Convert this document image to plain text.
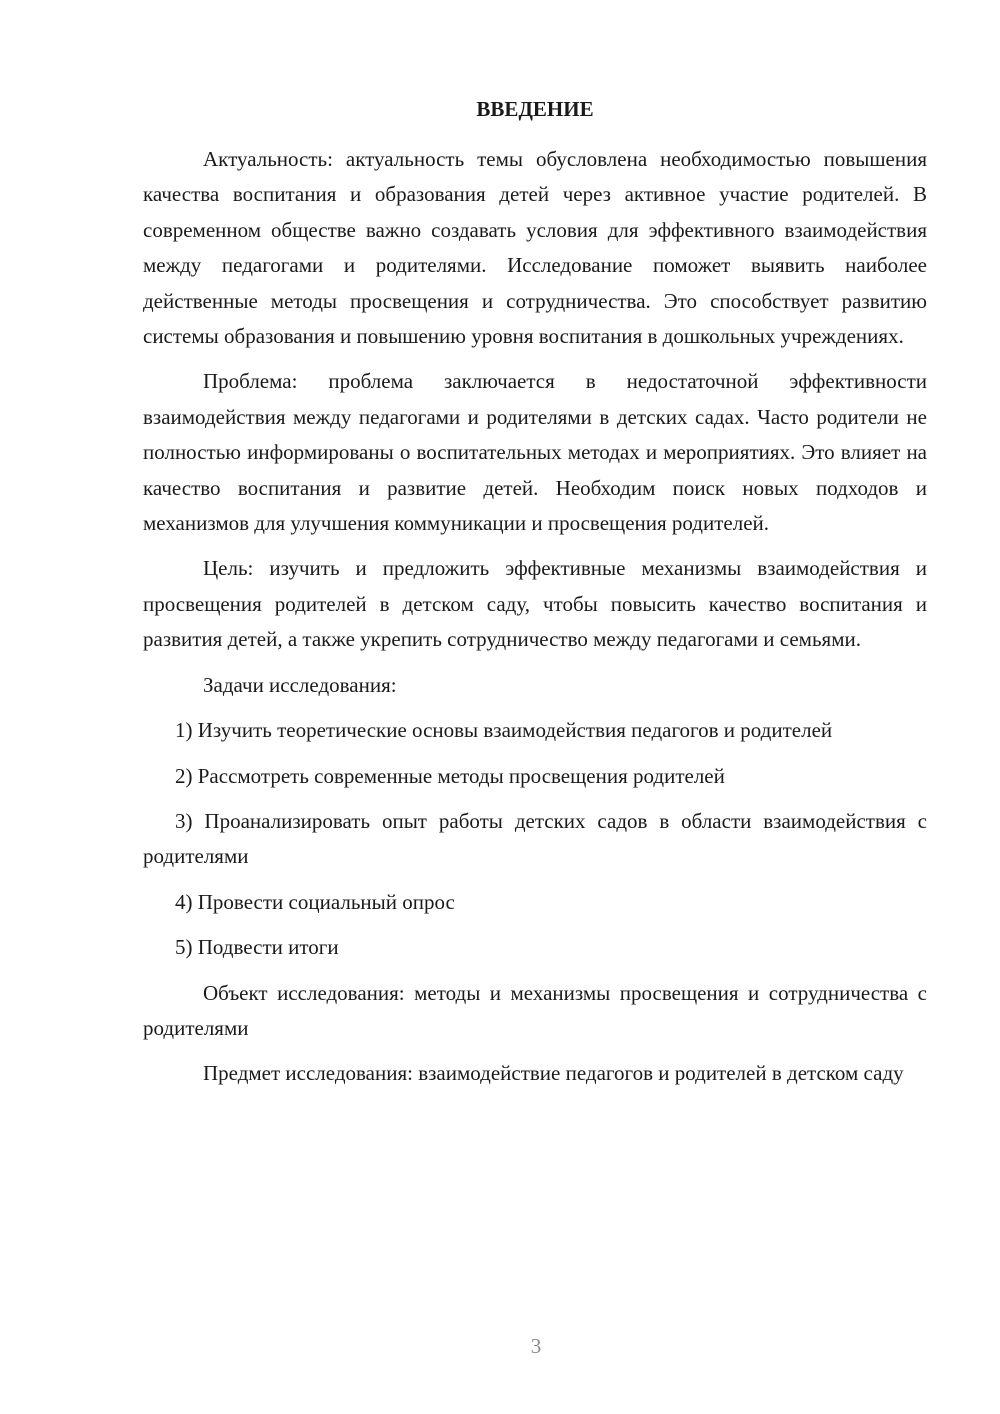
ВВЕДЕНИЕ

Актуальность: актуальность темы обусловлена необходимостью повышения качества воспитания и образования детей через активное участие родителей. В современном обществе важно создавать условия для эффективного взаимодействия между педагогами и родителями. Исследование поможет выявить наиболее действенные методы просвещения и сотрудничества. Это способствует развитию системы образования и повышению уровня воспитания в дошкольных учреждениях.

Проблема: проблема заключается в недостаточной эффективности взаимодействия между педагогами и родителями в детских садах. Часто родители не полностью информированы о воспитательных методах и мероприятиях. Это влияет на качество воспитания и развитие детей. Необходим поиск новых подходов и механизмов для улучшения коммуникации и просвещения родителей.

Цель: изучить и предложить эффективные механизмы взаимодействия и просвещения родителей в детском саду, чтобы повысить качество воспитания и развития детей, а также укрепить сотрудничество между педагогами и семьями.

Задачи исследования:

1) Изучить теоретические основы взаимодействия педагогов и родителей

2) Рассмотреть современные методы просвещения родителей

3) Проанализировать опыт работы детских садов в области взаимодействия с родителями

4) Провести социальный опрос

5) Подвести итоги

Объект исследования: методы и механизмы просвещения и сотрудничества с родителями

Предмет исследования: взаимодействие педагогов и родителей в детском саду

3
